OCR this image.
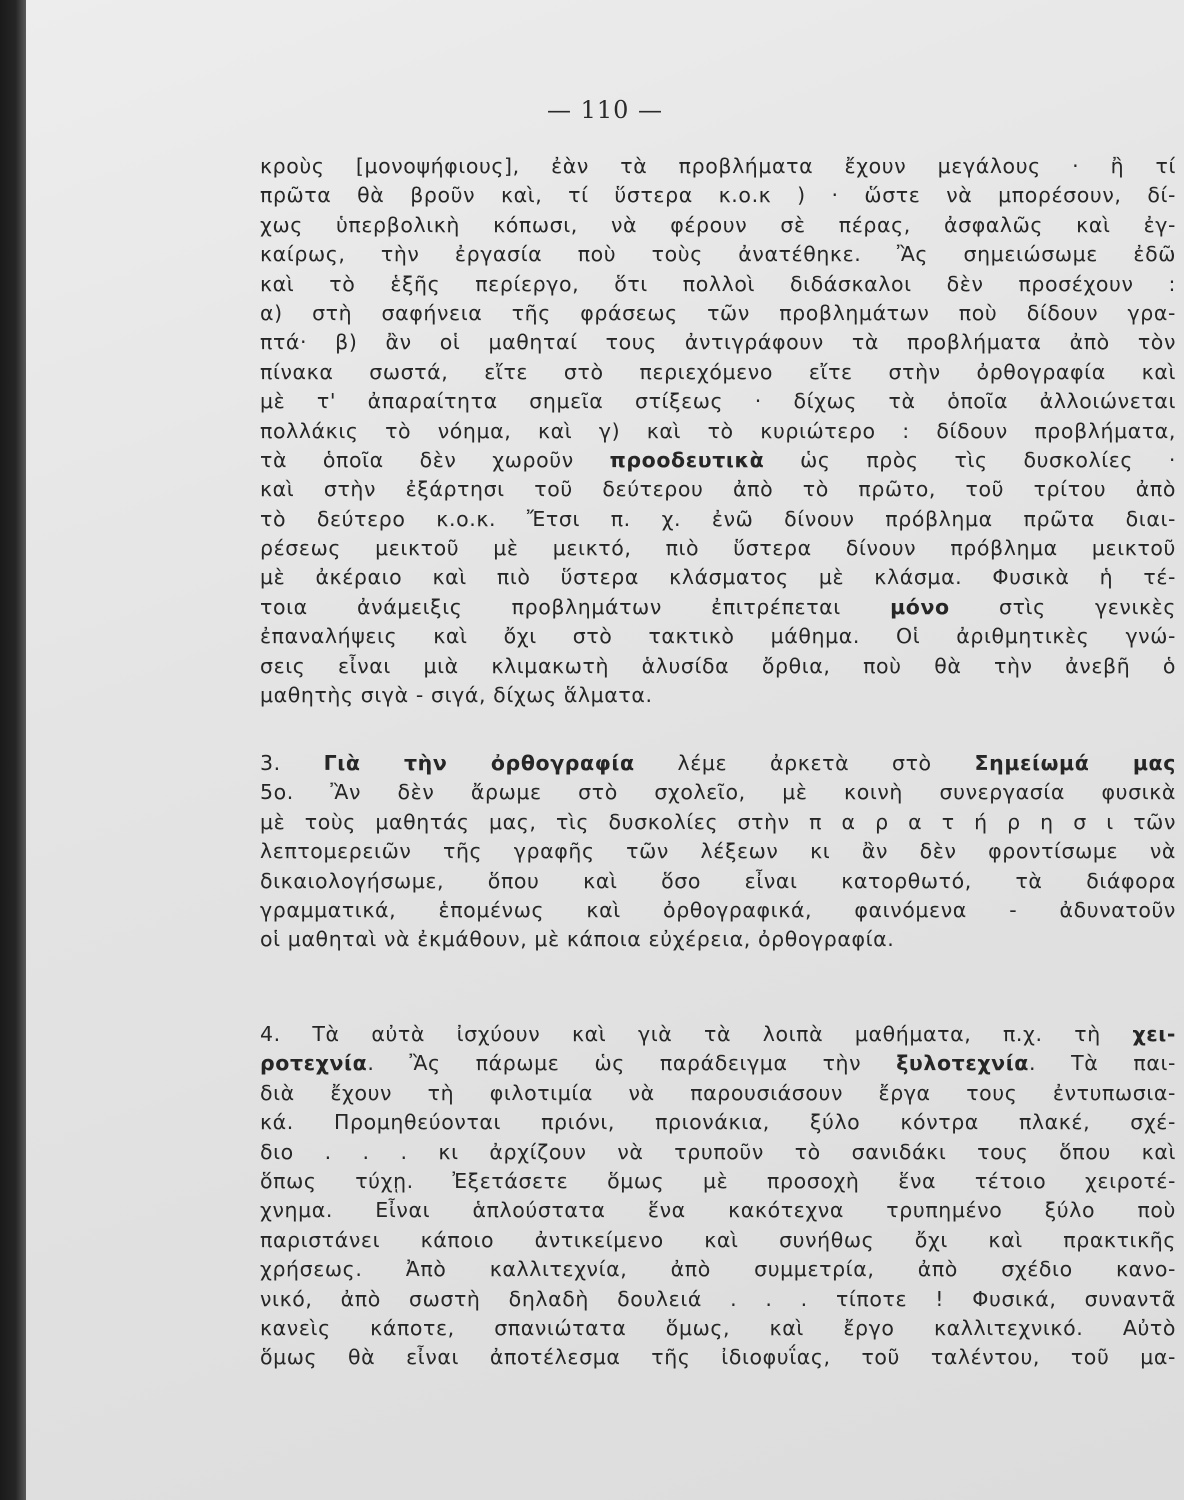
— 110 —
κροὺς [μονοψήφιους], ἐὰν τὰ προβλήματα ἔχουν μεγάλους · ἢ τί
πρῶτα θὰ βροῦν καὶ, τί ὕστερα κ.ο.κ ) · ὥστε νὰ μπορέσουν, δί-
χως ὑπερβολικὴ κόπωσι, νὰ φέρουν σὲ πέρας, ἀσφαλῶς καὶ ἐγ-
καίρως, τὴν ἐργασία ποὺ τοὺς ἀνατέθηκε. Ἂς σημειώσωμε ἐδῶ
καὶ τὸ ἑξῆς περίεργο, ὅτι πολλοὶ διδάσκαλοι δὲν προσέχουν :
α) στὴ σαφήνεια τῆς φράσεως τῶν προβλημάτων ποὺ δίδουν γρα-
πτά· β) ἂν οἱ μαθηταί τους ἀντιγράφουν τὰ προβλήματα ἀπὸ τὸν
πίνακα σωστά, εἴτε στὸ περιεχόμενο εἴτε στὴν ὀρθογραφία καὶ
μὲ τ' ἀπαραίτητα σημεῖα στίξεως · δίχως τὰ ὁποῖα ἀλλοιώνεται
πολλάκις τὸ νόημα, καὶ γ) καὶ τὸ κυριώτερο : δίδουν προβλήματα,
τὰ ὁποῖα δὲν χωροῦν προοδευτικὰ ὡς πρὸς τὶς δυσκολίες ·
καὶ στὴν ἐξάρτησι τοῦ δεύτερου ἀπὸ τὸ πρῶτο, τοῦ τρίτου ἀπὸ
τὸ δεύτερο κ.ο.κ. Ἔτσι π. χ. ἐνῶ δίνουν πρόβλημα πρῶτα διαι-
ρέσεως μεικτοῦ μὲ μεικτό, πιὸ ὕστερα δίνουν πρόβλημα μεικτοῦ
μὲ ἀκέραιο καὶ πιὸ ὕστερα κλάσματος μὲ κλάσμα. Φυσικὰ ἡ τέ-
τοια ἀνάμειξις προβλημάτων ἐπιτρέπεται μόνο στὶς γενικὲς
ἐπαναλήψεις καὶ ὄχι στὸ τακτικὸ μάθημα. Οἱ ἀριθμητικὲς γνώ-
σεις εἶναι μιὰ κλιμακωτὴ ἁλυσίδα ὄρθια, ποὺ θὰ τὴν ἀνεβῆ ὁ
μαθητὴς σιγὰ - σιγά, δίχως ἅλματα.
3. Γιὰ τὴν ὀρθογραφία λέμε ἀρκετὰ στὸ Σημείωμά μας
5ο. Ἂν δὲν ἄρωμε στὸ σχολεῖο, μὲ κοινὴ συνεργασία φυσικὰ
μὲ τοὺς μαθητάς μας, τὶς δυσκολίες στὴν π α ρ α τ ή ρ η σ ι τῶν
λεπτομερειῶν τῆς γραφῆς τῶν λέξεων κι ἂν δὲν φροντίσωμε νὰ
δικαιολογήσωμε, ὅπου καὶ ὅσο εἶναι κατορθωτό, τὰ διάφορα
γραμματικά, ἑπομένως καὶ ὀρθογραφικά, φαινόμενα - ἀδυνατοῦν
οἱ μαθηταὶ νὰ ἐκμάθουν, μὲ κάποια εὐχέρεια, ὀρθογραφία.
4. Τὰ αὐτὰ ἰσχύουν καὶ γιὰ τὰ λοιπὰ μαθήματα, π.χ. τὴ χει-
ροτεχνία. Ἂς πάρωμε ὡς παράδειγμα τὴν ξυλοτεχνία. Τὰ παι-
διὰ ἔχουν τὴ φιλοτιμία νὰ παρουσιάσουν ἔργα τους ἐντυπωσια-
κά. Προμηθεύονται πριόνι, πριονάκια, ξύλο κόντρα πλακέ, σχέ-
διο . . . κι ἀρχίζουν νὰ τρυποῦν τὸ σανιδάκι τους ὅπου καὶ
ὅπως τύχῃ. Ἐξετάσετε ὅμως μὲ προσοχὴ ἕνα τέτοιο χειροτέ-
χνημα. Εἶναι ἁπλούστατα ἕνα κακότεχνα τρυπημένο ξύλο ποὺ
παριστάνει κάποιο ἀντικείμενο καὶ συνήθως ὄχι καὶ πρακτικῆς
χρήσεως. Ἀπὸ καλλιτεχνία, ἀπὸ συμμετρία, ἀπὸ σχέδιο κανο-
νικό, ἀπὸ σωστὴ δηλαδὴ δουλειά . . . τίποτε ! Φυσικά, συναντᾶ
κανεὶς κάποτε, σπανιώτατα ὅμως, καὶ ἔργο καλλιτεχνικό. Αὐτὸ
ὅμως θὰ εἶναι ἀποτέλεσμα τῆς ἰδιοφυΐας, τοῦ ταλέντου, τοῦ μα-
